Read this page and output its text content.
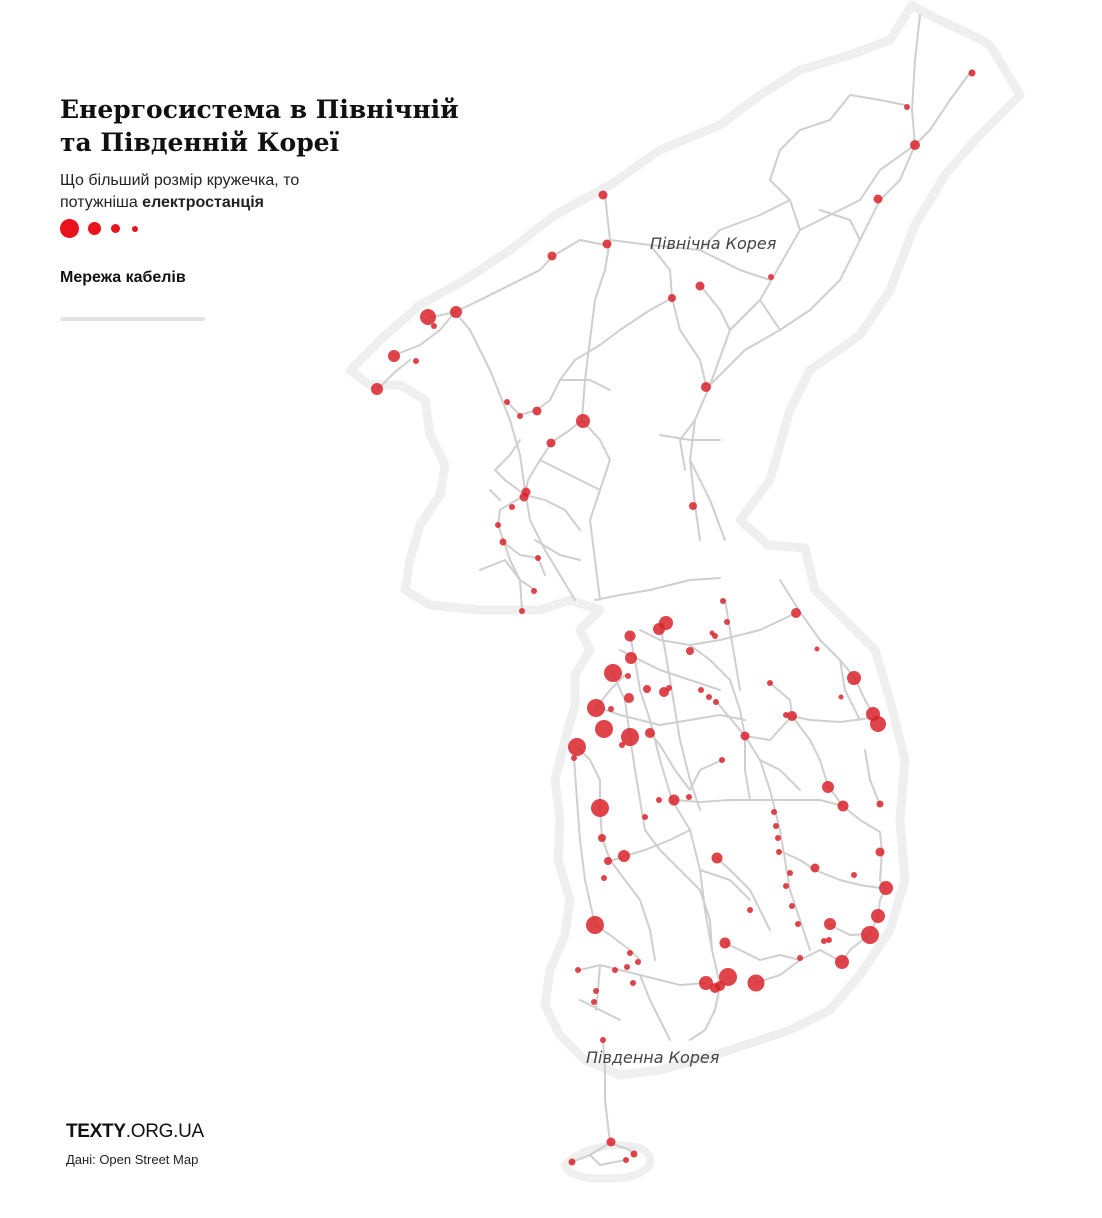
Північна Корея
Південна Корея
Енергосистема в Північній та Південній Кореї
Що більший розмір кружечка, то потужніша електростанція
Мережа кабелів
TEXTY.ORG.UA
Дані: Open Street Map
